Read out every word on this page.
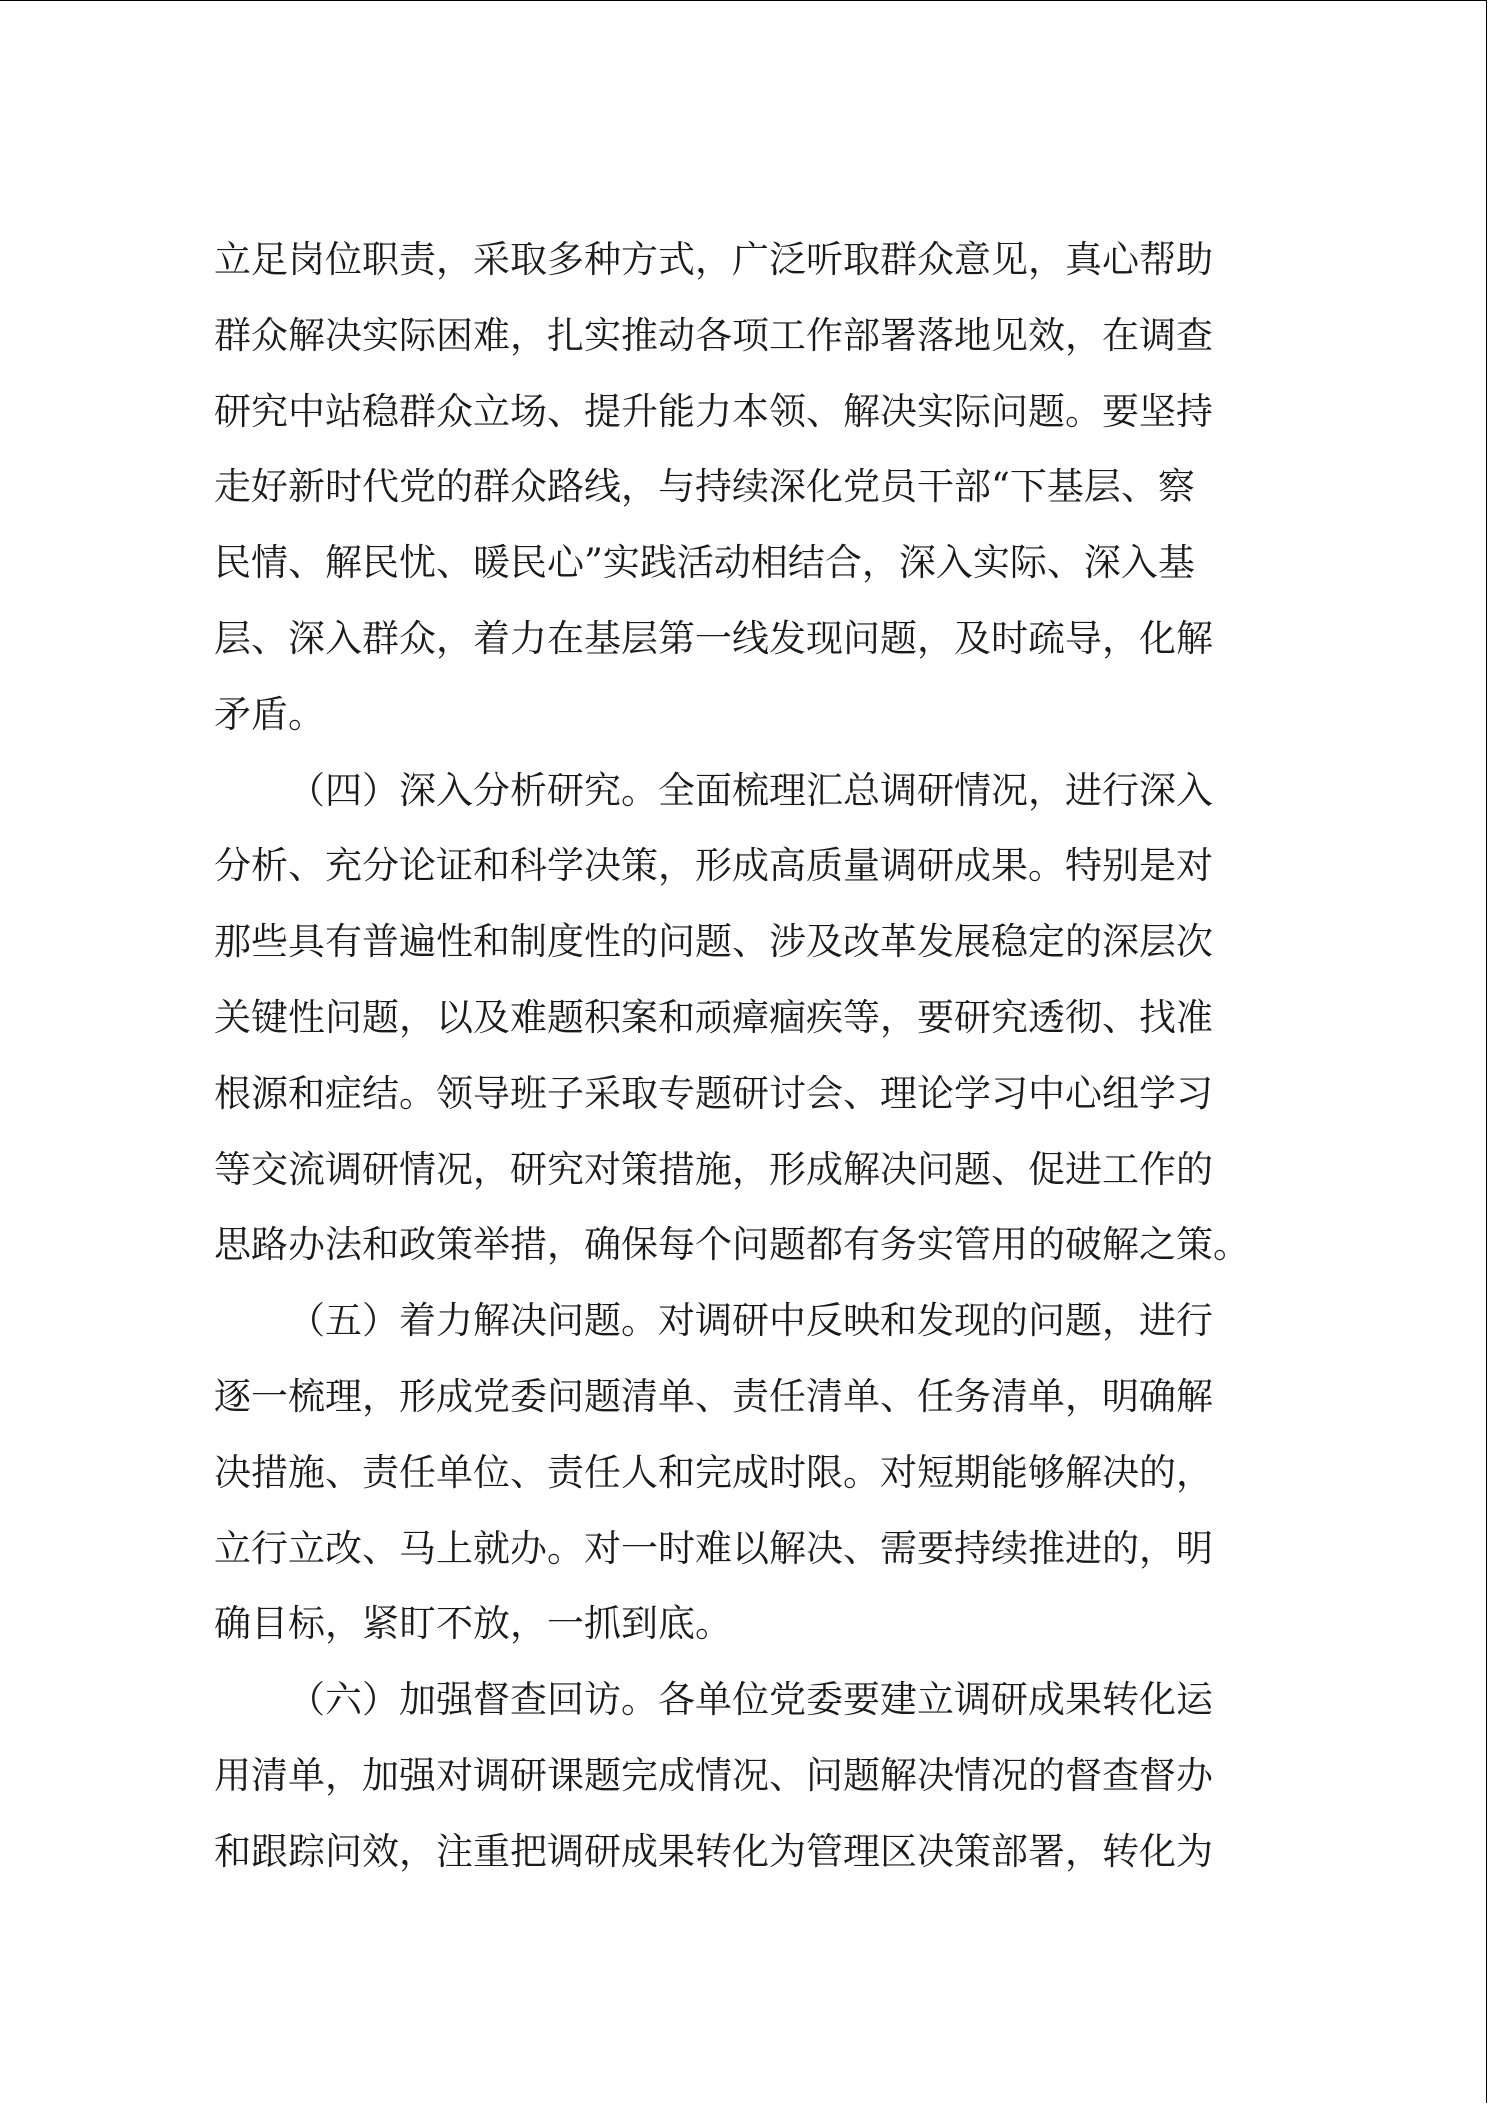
立足岗位职责，采取多种方式，广泛听取群众意见，真心帮助
群众解决实际困难，扎实推动各项工作部署落地见效，在调查
研究中站稳群众立场、提升能力本领、解决实际问题。要坚持
走好新时代党的群众路线，与持续深化党员干部“下基层、察
民情、解民忧、暖民心”实践活动相结合，深入实际、深入基
层、深入群众，着力在基层第一线发现问题，及时疏导，化解
矛盾。
（四）深入分析研究。全面梳理汇总调研情况，进行深入
分析、充分论证和科学决策，形成高质量调研成果。特别是对
那些具有普遍性和制度性的问题、涉及改革发展稳定的深层次
关键性问题，以及难题积案和顽瘴痼疾等，要研究透彻、找准
根源和症结。领导班子采取专题研讨会、理论学习中心组学习
等交流调研情况，研究对策措施，形成解决问题、促进工作的
思路办法和政策举措，确保每个问题都有务实管用的破解之策。
（五）着力解决问题。对调研中反映和发现的问题，进行
逐一梳理，形成党委问题清单、责任清单、任务清单，明确解
决措施、责任单位、责任人和完成时限。对短期能够解决的，
立行立改、马上就办。对一时难以解决、需要持续推进的，明
确目标，紧盯不放，一抓到底。
（六）加强督查回访。各单位党委要建立调研成果转化运
用清单，加强对调研课题完成情况、问题解决情况的督查督办
和跟踪问效，注重把调研成果转化为管理区决策部署，转化为
